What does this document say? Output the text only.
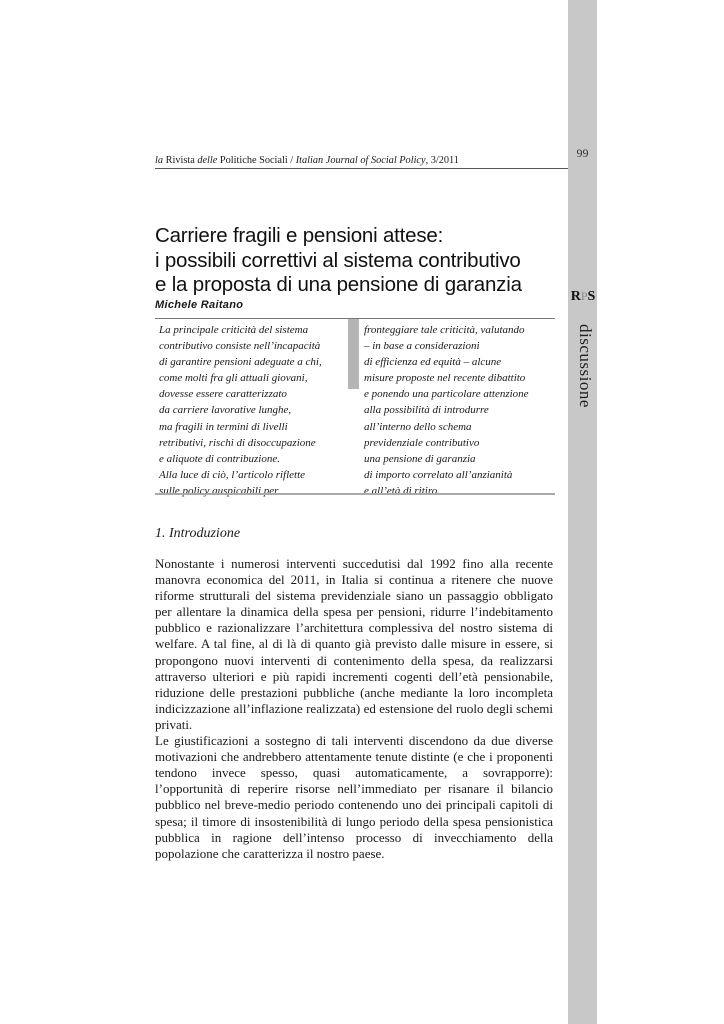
99
RPS
discussione
la Rivista delle Politiche Sociali / Italian Journal of Social Policy, 3/2011
Carriere fragili e pensioni attese:
i possibili correttivi al sistema contributivo
e la proposta di una pensione di garanzia
Michele Raitano
La principale criticità del sistema
contributivo consiste nell’incapacità
di garantire pensioni adeguate a chi,
come molti fra gli attuali giovani,
dovesse essere caratterizzato
da carriere lavorative lunghe,
ma fragili in termini di livelli
retributivi, rischi di disoccupazione
e aliquote di contribuzione.
Alla luce di ciò, l’articolo riflette
sulle policy auspicabili per
fronteggiare tale criticità, valutando
– in base a considerazioni
di efficienza ed equità – alcune
misure proposte nel recente dibattito
e ponendo una particolare attenzione
alla possibilità di introdurre
all’interno dello schema
previdenziale contributivo
una pensione di garanzia
di importo correlato all’anzianità
e all’età di ritiro.
1. Introduzione

Nonostante i numerosi interventi succedutisi dal 1992 fino alla recente manovra economica del 2011, in Italia si continua a ritenere che nuove riforme strutturali del sistema previdenziale siano un passaggio obbligato per allentare la dinamica della spesa per pensioni, ridurre l’indebitamento pubblico e razionalizzare l’architettura complessiva del nostro sistema di welfare. A tal fine, al di là di quanto già previsto dalle misure in essere, si propongono nuovi interventi di contenimento della spesa, da realizzarsi attraverso ulteriori e più rapidi incrementi cogenti dell’età pensionabile, riduzione delle prestazioni pubbliche (anche mediante la loro incompleta indicizzazione all’inflazione realizzata) ed estensione del ruolo degli schemi privati.

Le giustificazioni a sostegno di tali interventi discendono da due diverse motivazioni che andrebbero attentamente tenute distinte (e che i proponenti tendono invece spesso, quasi automaticamente, a sovrapporre): l’opportunità di reperire risorse nell’immediato per risanare il bilancio pubblico nel breve-medio periodo contenendo uno dei principali capitoli di spesa; il timore di insostenibilità di lungo periodo della spesa pensionistica pubblica in ragione dell’intenso processo di invecchiamento della popolazione che caratterizza il nostro paese.
